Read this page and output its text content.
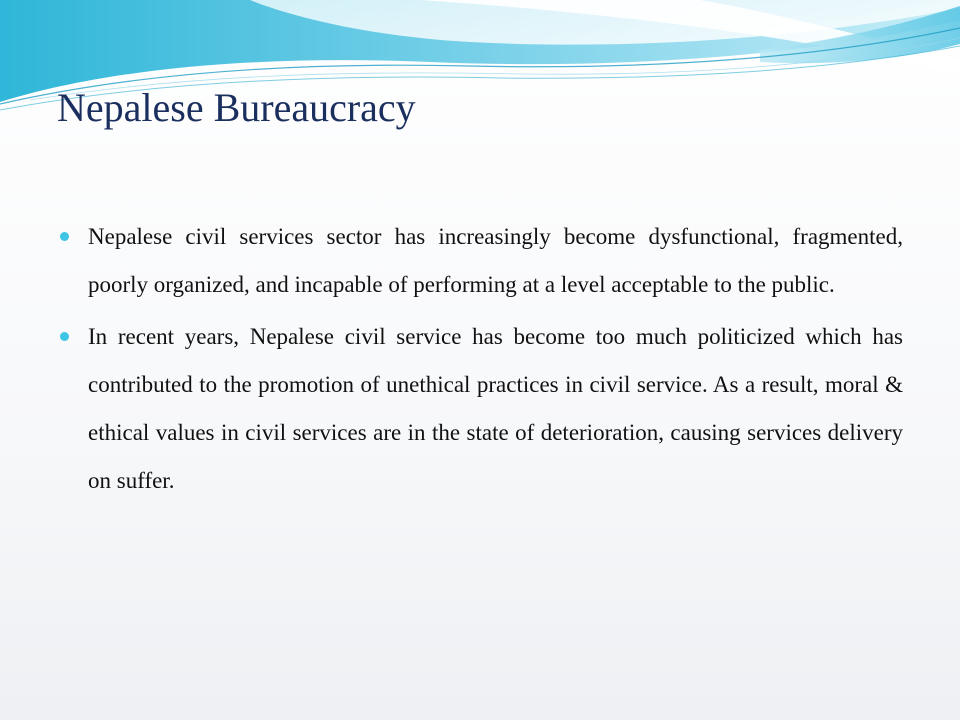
Nepalese Bureaucracy
Nepalese civil services sector has increasingly become dysfunctional, fragmented, poorly organized, and incapable of performing at a level acceptable to the public.
In recent years, Nepalese civil service has become too much politicized which has contributed to the promotion of unethical practices in civil service. As a result, moral & ethical values in civil services are in the state of deterioration, causing services delivery on suffer.
